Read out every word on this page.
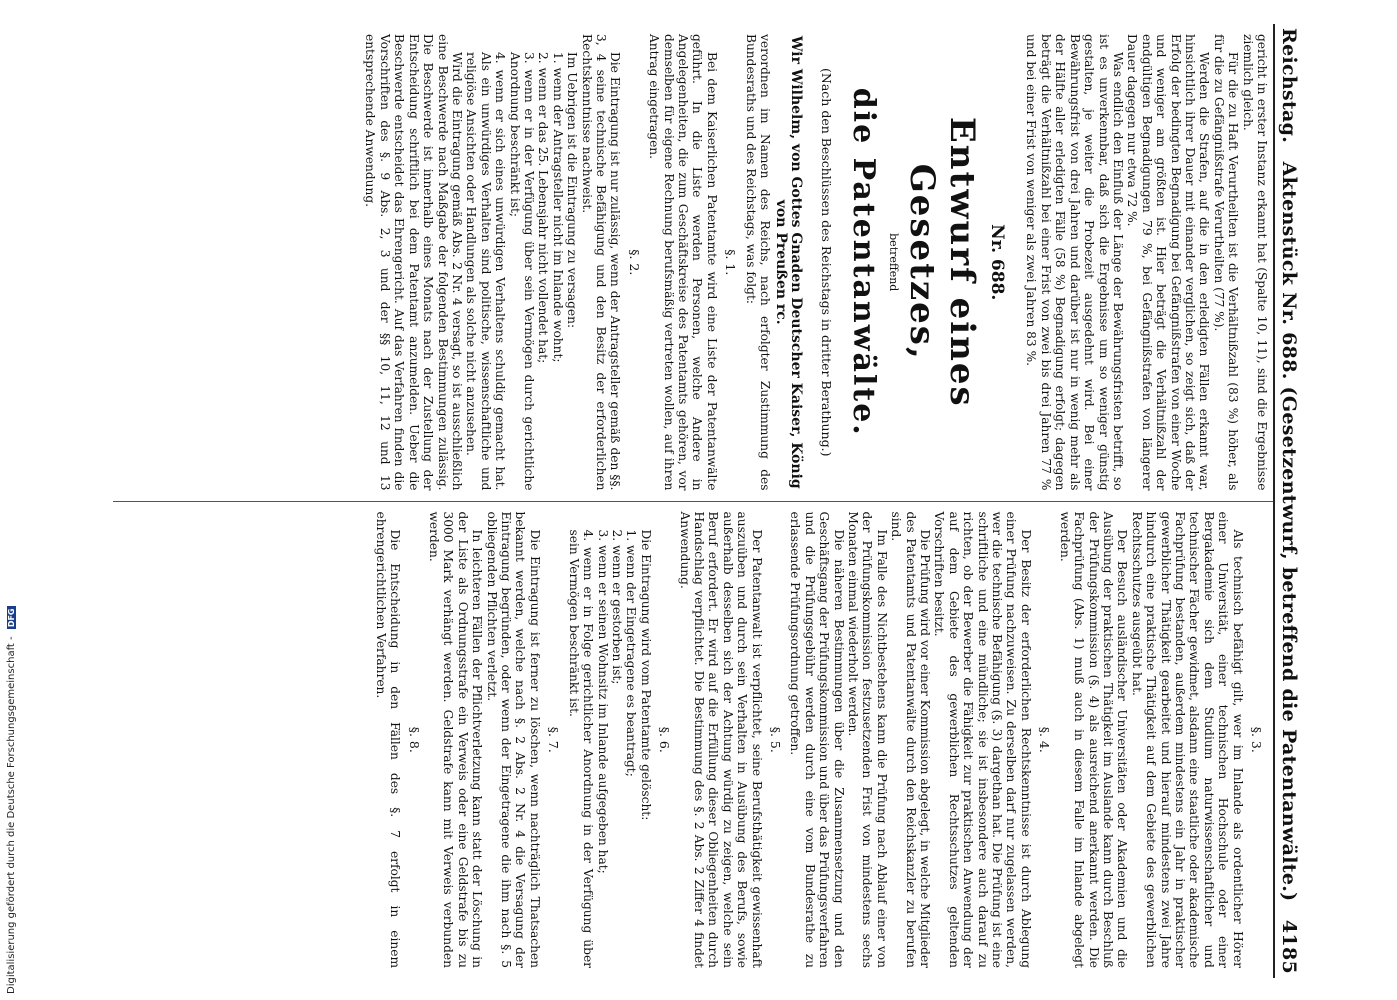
Digitalisierung gefördert durch die Deutsche Forschungsgemeinschaft - DFG
Reichstag.
Aktenstück Nr. 688. (Gesetzentwurf, betreffend die Patentanwälte.)
4185

gericht in erster Instanz erkannt hat (Spalte 10, 11), sind die Ergebnisse ziemlich gleich.

Für die zu Haft Verurtheilten ist die Verhältnißzahl (83 %) höher, als für die zu Gefängnißstrafe Verurtheilten (77 %).

Werden die Strafen, auf die in den erledigten Fällen erkannt war, hinsichtlich ihrer Dauer mit einander verglichen, so zeigt sich, daß der Erfolg der bedingten Begnadigung bei Gefängnißstrafen von einer Woche und weniger am größten ist. Hier beträgt die Verhältnißzahl der endgültigen Begnadigungen 79 %, bei Gefängnißstrafen von längerer Dauer dagegen nur etwa 72 %.

Was endlich den Einfluß der Länge der Bewährungsfristen betrifft, so ist es unverkennbar, daß sich die Ergebnisse um so weniger günstig gestalten, je weiter die Probezeit ausgedehnt wird. Bei einer Bewährungsfrist von drei Jahren und darüber ist nur in wenig mehr als der Hälfte aller erledigten Fälle (58 %) Begnadigung erfolgt; dagegen beträgt die Verhältnißzahl bei einer Frist von zwei bis drei Jahren 77 % und bei einer Frist von weniger als zwei Jahren 83 %.

Nr. 688.
Entwurf eines Gesetzes,
betreffend
die Patentanwälte.
(Nach den Beschlüssen des Reichstags in dritter Berathung.)
Wir Wilhelm, von Gottes Gnaden Deutscher Kaiser, König von Preußen rc.

verordnen im Namen des Reichs, nach erfolgter Zustimmung des Bundesraths und des Reichstags, was folgt:

§. 1.

Bei dem Kaiserlichen Patentamte wird eine Liste der Patentanwälte geführt. In die Liste werden Personen, welche Andere in Angelegenheiten, die zum Geschäftskreise des Patentamts gehören, vor demselben für eigene Rechnung berufsmäßig vertreten wollen, auf ihren Antrag eingetragen.

§. 2.

Die Eintragung ist nur zulässig, wenn der Antragsteller gemäß den §§. 3, 4 seine technische Befähigung und den Besitz der erforderlichen Rechtskenntnisse nachweist.

Im Uebrigen ist die Eintragung zu versagen:

1. wenn der Antragsteller nicht im Inlande wohnt;
2. wenn er das 25. Lebensjahr nicht vollendet hat;
3. wenn er in der Verfügung über sein Vermögen durch gerichtliche Anordnung beschränkt ist;
4. wenn er sich eines unwürdigen Verhaltens schuldig gemacht hat. Als ein unwürdiges Verhalten sind politische, wissenschaftliche und religiöse Ansichten oder Handlungen als solche nicht anzusehen.

Wird die Eintragung gemäß Abs. 2 Nr. 4 versagt, so ist ausschließlich eine Beschwerde nach Maßgabe der folgenden Bestimmungen zulässig. Die Beschwerde ist innerhalb eines Monats nach der Zustellung der Entscheidung schriftlich bei dem Patentamt anzumelden. Ueber die Beschwerde entscheidet das Ehrengericht. Auf das Verfahren finden die Vorschriften des §. 9 Abs. 2, 3 und der §§ 10, 11, 12 und 13 entsprechende Anwendung.

§. 3.

Als technisch befähigt gilt, wer im Inlande als ordentlicher Hörer einer Universität, einer technischen Hochschule oder einer Bergakademie sich dem Studium naturwissenschaftlicher und technischer Fächer gewidmet, alsdann eine staatliche oder akademische Fachprüfung bestanden, außerdem mindestens ein Jahr in praktischer gewerblicher Thätigkeit gearbeitet und hierauf mindestens zwei Jahre hindurch eine praktische Thätigkeit auf dem Gebiete des gewerblichen Rechtsschutzes ausgeübt hat.

Der Besuch ausländischer Universitäten oder Akademien und die Ausübung der praktischen Thätigkeit im Auslande kann durch Beschluß der Prüfungskommission (§. 4) als ausreichend anerkannt werden. Die Fachprüfung (Abs. 1) muß auch in diesem Falle im Inlande abgelegt werden.

§. 4.

Der Besitz der erforderlichen Rechtskenntnisse ist durch Ablegung einer Prüfung nachzuweisen. Zu derselben darf nur zugelassen werden, wer die technische Befähigung (§. 3) dargethan hat. Die Prüfung ist eine schriftliche und eine mündliche; sie ist insbesondere auch darauf zu richten, ob der Bewerber die Fähigkeit zur praktischen Anwendung der auf dem Gebiete des gewerblichen Rechtsschutzes geltenden Vorschriften besitzt.

Die Prüfung wird vor einer Kommission abgelegt, in welche Mitglieder des Patentamts und Patentanwälte durch den Reichskanzler zu berufen sind.

Im Falle des Nichtbestehens kann die Prüfung nach Ablauf einer von der Prüfungskommission festzusetzenden Frist von mindestens sechs Monaten einmal wiederholt werden.

Die näheren Bestimmungen über die Zusammensetzung und den Geschäftsgang der Prüfungskommission und über das Prüfungsverfahren und die Prüfungsgebühr werden durch eine vom Bundesrathe zu erlassende Prüfungsordnung getroffen.

§. 5.

Der Patentanwalt ist verpflichtet, seine Berufsthätigkeit gewissenhaft auszuüben und durch sein Verhalten in Ausübung des Berufs, sowie außerhalb desselben sich der Achtung würdig zu zeigen, welche sein Beruf erfordert. Er wird auf die Erfüllung dieser Obliegenheiten durch Handschlag verpflichtet. Die Bestimmung des §. 2 Abs. 2 Ziffer 4 findet Anwendung.

§. 6.

Die Eintragung wird vom Patentamte gelöscht:

1. wenn der Eingetragene es beantragt;
2. wenn er gestorben ist;
3. wenn er seinen Wohnsitz im Inlande aufgegeben hat;
4. wenn er in Folge gerichtlicher Anordnung in der Verfügung über sein Vermögen beschränkt ist.
§. 7.

Die Eintragung ist ferner zu löschen, wenn nachträglich Thatsachen bekannt werden, welche nach §. 2 Abs. 2 Nr. 4 die Versagung der Eintragung begründen, oder wenn der Eingetragene die ihm nach §. 5 obliegenden Pflichten verletzt.

In leichteren Fällen der Pflichtverletzung kann statt der Löschung in der Liste als Ordnungsstrafe ein Verweis oder eine Geldstrafe bis zu 3000 Mark verhängt werden. Geldstrafe kann mit Verweis verbunden werden.

§. 8.

Die Entscheidung in den Fällen des §. 7 erfolgt in einem ehrengerichtlichen Verfahren.
